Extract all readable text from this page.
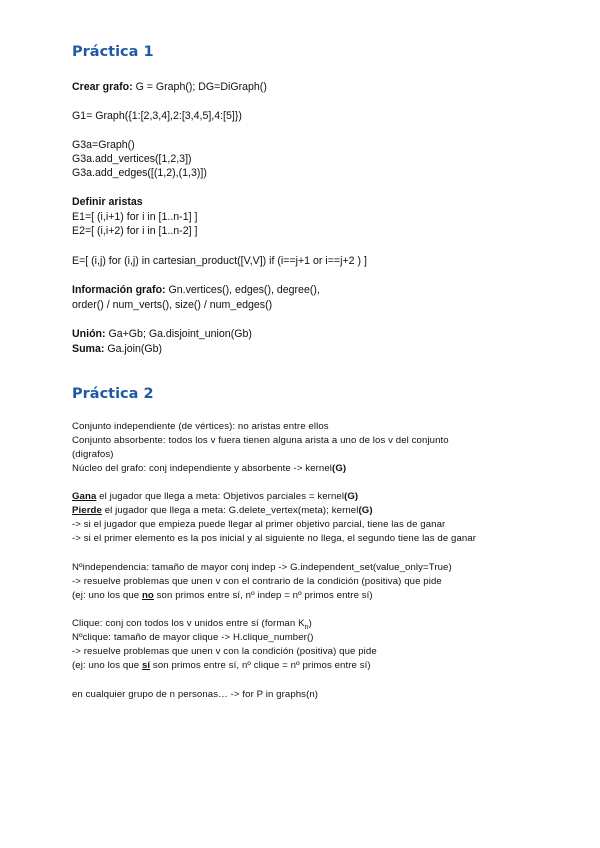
Práctica 1
Crear grafo: G = Graph(); DG=DiGraph()
G1= Graph({1:[2,3,4],2:[3,4,5],4:[5]})
G3a=Graph()
G3a.add_vertices([1,2,3])
G3a.add_edges([(1,2),(1,3)])
Definir aristas
E1=[ (i,i+1) for i in [1..n-1] ]
E2=[ (i,i+2) for i in [1..n-2] ]
E=[ (i,j) for (i,j) in cartesian_product([V,V]) if (i==j+1 or i==j+2 ) ]
Información grafo: Gn.vertices(), edges(), degree(),
order() / num_verts(), size() / num_edges()
Unión: Ga+Gb; Ga.disjoint_union(Gb)
Suma: Ga.join(Gb)
Práctica 2
Conjunto independiente (de vértices): no aristas entre ellos
Conjunto absorbente: todos los v fuera tienen alguna arista a uno de los v del conjunto
(digrafos)
Núcleo del grafo: conj independiente y absorbente -> kernel(G)
Gana el jugador que llega a meta: Objetivos parciales = kernel(G)
Pierde el jugador que llega a meta: G.delete_vertex(meta); kernel(G)
-> si el jugador que empieza puede llegar al primer objetivo parcial, tiene las de ganar
-> si el primer elemento es la pos inicial y al siguiente no llega, el segundo tiene las de ganar
Nºindependencia: tamaño de mayor conj indep -> G.independent_set(value_only=True)
-> resuelve problemas que unen v con el contrario de la condición (positiva) que pide
(ej: uno los que no son primos entre sí, nº indep = nº primos entre sí)
Clique: conj con todos los v unidos entre sí (forman $K_n$)
Nºclique: tamaño de mayor clique -> H.clique_number()
-> resuelve problemas que unen v con la condición (positiva) que pide
(ej: uno los que sí son primos entre sí, nº clique = nº primos entre sí)
en cualquier grupo de n personas… -> for P in graphs(n)
